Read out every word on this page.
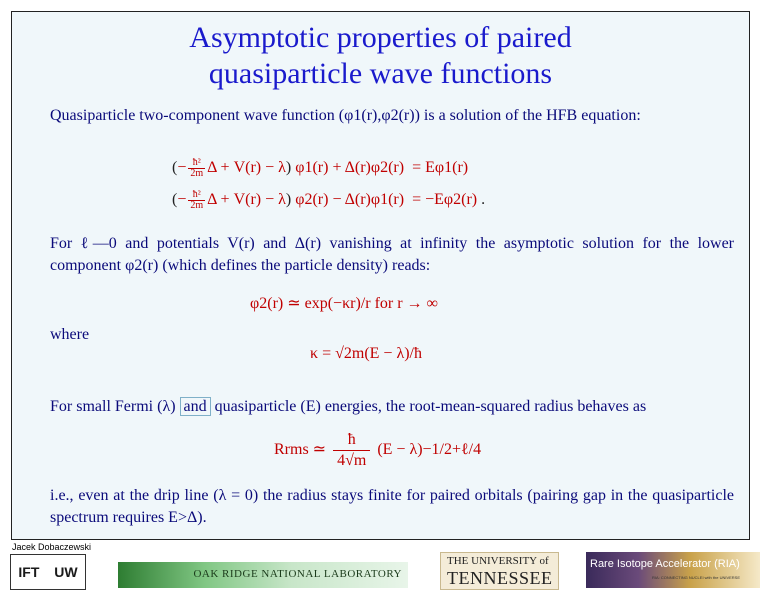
Asymptotic properties of paired
quasiparticle wave functions
Quasiparticle two-component wave function (φ1(r),φ2(r)) is a solution of the HFB equation:
(− $\frac{\text{ħ²}}{2m}$ Δ + V(r) − λ) φ1(r) + Δ(r)φ2(r) = Eφ1(r)
(− $\frac{\text{ħ²}}{2m}$ Δ + V(r) − λ) φ2(r) − Δ(r)φ1(r) = −Eφ2(r) .
For ℓ—0 and potentials V(r) and Δ(r) vanishing at infinity the asymptotic solution for the lower component φ2(r) (which defines the particle density) reads:
φ2(r) ≃ exp(−κr)/r for r → ∞
where
κ = √2m(E − λ)/ħ
For small Fermi (λ) and quasiparticle (E) energies, the root-mean-squared radius behaves as
Rrms ≃ $\frac{ħ}{4√m} (E$ − λ)−1/2+ℓ/4
i.e., even at the drip line (λ = 0) the radius stays finite for paired orbitals (pairing gap in the quasiparticle spectrum requires E>Δ).
Jacek Dobaczewski
IFT UW	OAK RIDGE NATIONAL LABORATORY
THE UNIVERSITY of
TENNESSEE
Rare Isotope Accelerator (RIA)
RIA: CONNECTING NUCLEI with the UNIVERSE
